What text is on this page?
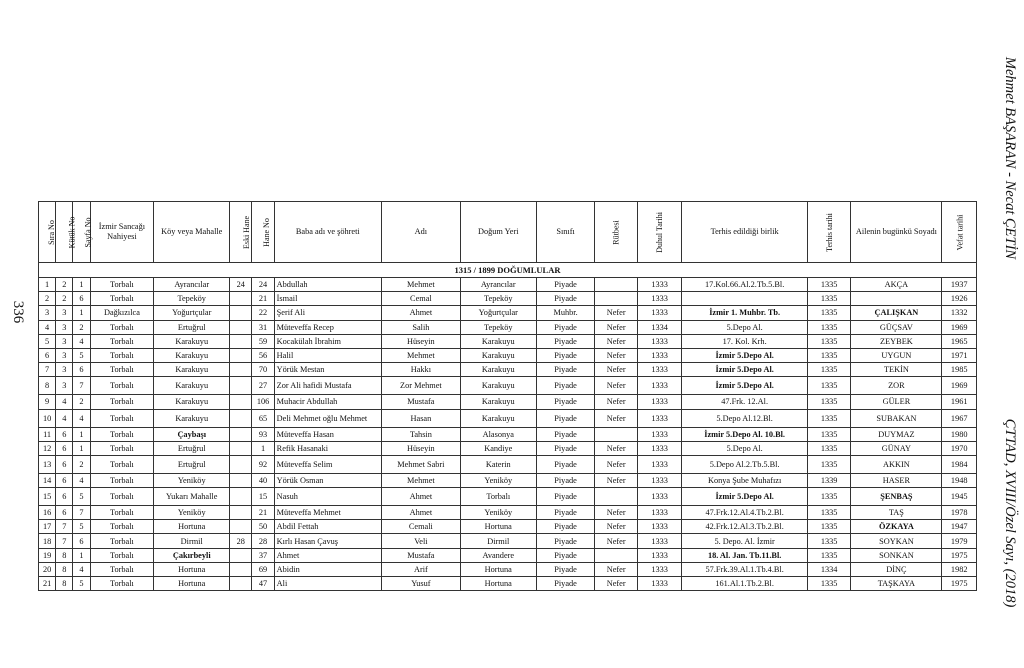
336
Mehmet BAŞARAN - Necat ÇETİN
ÇTTAD, XVIII/Özel Sayı, (2018)
Sıra No	Kütük No	Sayfa No	İzmir Sancağı Nahiyesi	Köy veya Mahalle	Eski Hane	Hane No	Baba adı ve şöhreti	Adı	Doğum Yeri	Sınıfı	Rütbesi	Duhul Tarihi	Terhis edildiği birlik	Terhis tarihi	Ailenin bugünkü Soyadı	Vefat tarihi
1315 / 1899 DOĞUMLULAR																
1	2	1	Torbalı	Ayrancılar	24	24	Abdullah	Mehmet	Ayrancılar	Piyade		1333	17.Kol.66.Al.2.Tb.5.Bl.	1335	AKÇA	1937
2	2	6	Torbalı	Tepeköy		21	İsmail	Cemal	Tepeköy	Piyade		1333		1335		1926
3	3	1	Dağkızılca	Yoğurtçular		22	Şerif Ali	Ahmet	Yoğurtçular	Muhbr.	Nefer	1333	İzmir 1. Muhbr. Tb.	1335	ÇALIŞKAN	1332
4	3	2	Torbalı	Ertuğrul		31	Müteveffa Recep	Salih	Tepeköy	Piyade	Nefer	1334	5.Depo Al.	1335	GÜÇSAV	1969
5	3	4	Torbalı	Karakuyu		59	Kocakülah İbrahim	Hüseyin	Karakuyu	Piyade	Nefer	1333	17. Kol. Krh.	1335	ZEYBEK	1965
6	3	5	Torbalı	Karakuyu		56	Halil	Mehmet	Karakuyu	Piyade	Nefer	1333	İzmir 5.Depo Al.	1335	UYGUN	1971
7	3	6	Torbalı	Karakuyu		70	Yörük Mestan	Hakkı	Karakuyu	Piyade	Nefer	1333	İzmir 5.Depo Al.	1335	TEKİN	1985
8	3	7	Torbalı	Karakuyu		27	Zor Ali hafidi Mustafa	Zor Mehmet	Karakuyu	Piyade	Nefer	1333	İzmir 5.Depo Al.	1335	ZOR	1969
9	4	2	Torbalı	Karakuyu		106	Muhacir Abdullah	Mustafa	Karakuyu	Piyade	Nefer	1333	47.Frk. 12.Al.	1335	GÜLER	1961
10	4	4	Torbalı	Karakuyu		65	Deli Mehmet oğlu Mehmet	Hasan	Karakuyu	Piyade	Nefer	1333	5.Depo Al.12.Bl.	1335	SUBAKAN	1967
11	6	1	Torbalı	Çaybaşı		93	Müteveffa Hasan	Tahsin	Alasonya	Piyade		1333	İzmir 5.Depo Al. 10.Bl.	1335	DUYMAZ	1980
12	6	1	Torbalı	Ertuğrul		1	Refik Hasanaki	Hüseyin	Kandiye	Piyade	Nefer	1333	5.Depo Al.	1335	GÜNAY	1970
13	6	2	Torbalı	Ertuğrul		92	Müteveffa Selim	Mehmet Sabri	Katerin	Piyade	Nefer	1333	5.Depo Al.2.Tb.5.Bl.	1335	AKKIN	1984
14	6	4	Torbalı	Yeniköy		40	Yörük Osman	Mehmet	Yeniköy	Piyade	Nefer	1333	Konya Şube Muhafızı	1339	HASER	1948
15	6	5	Torbalı	Yukarı Mahalle		15	Nasuh	Ahmet	Torbalı	Piyade		1333	İzmir 5.Depo Al.	1335	ŞENBAŞ	1945
16	6	7	Torbalı	Yeniköy		21	Müteveffa Mehmet	Ahmet	Yeniköy	Piyade	Nefer	1333	47.Frk.12.Al.4.Tb.2.Bl.	1335	TAŞ	1978
17	7	5	Torbalı	Hortuna		50	Abdil Fettah	Cemali	Hortuna	Piyade	Nefer	1333	42.Frk.12.Al.3.Tb.2.Bl.	1335	ÖZKAYA	1947
18	7	6	Torbalı	Dirmil	28	28	Kırlı Hasan Çavuş	Veli	Dirmil	Piyade	Nefer	1333	5. Depo. Al. İzmir	1335	SOYKAN	1979
19	8	1	Torbalı	Çakırbeyli		37	Ahmet	Mustafa	Avandere	Piyade		1333	18. Al. Jan. Tb.11.Bl.	1335	SONKAN	1975
20	8	4	Torbalı	Hortuna		69	Abidin	Arif	Hortuna	Piyade	Nefer	1333	57.Frk.39.Al.1.Tb.4.Bl.	1334	DİNÇ	1982
21	8	5	Torbalı	Hortuna		47	Ali	Yusuf	Hortuna	Piyade	Nefer	1333	161.Al.1.Tb.2.Bl.	1335	TAŞKAYA	1975
